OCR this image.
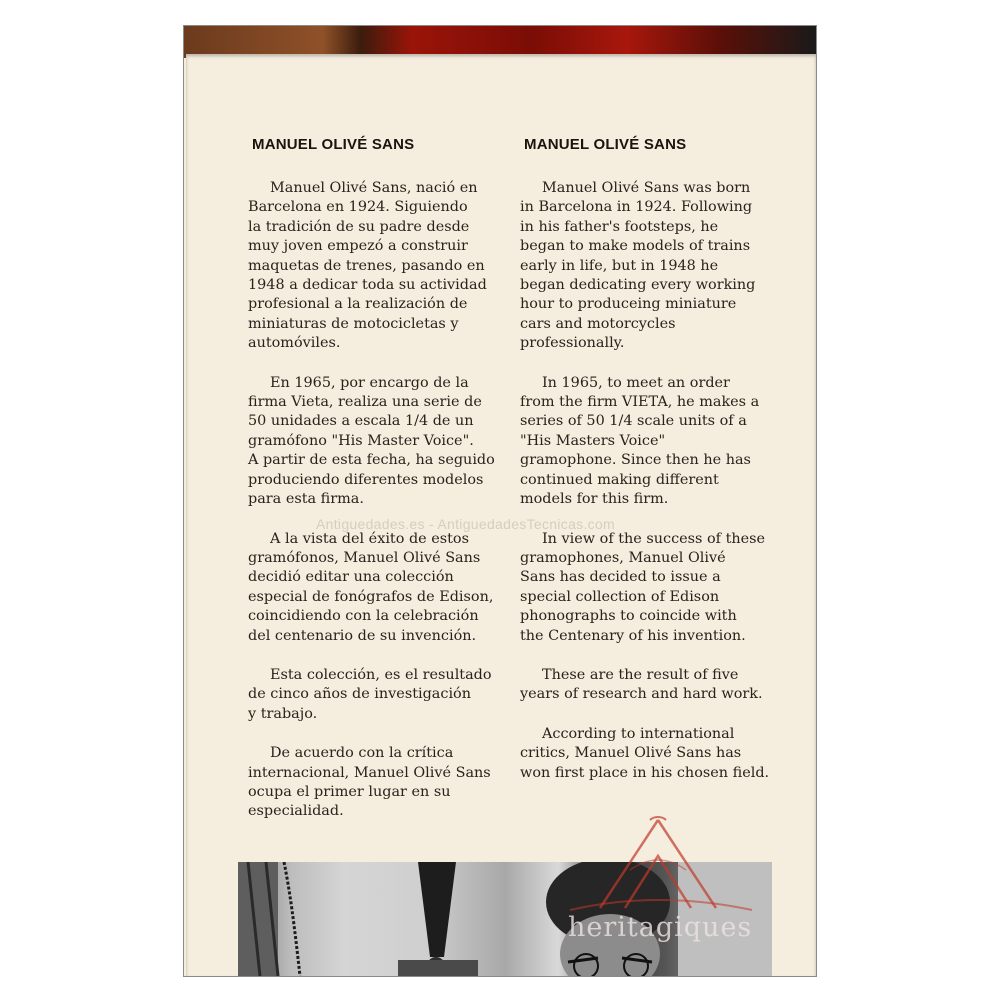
MANUEL OLIVÉ SANS

Manuel Olivé Sans, nació en
Barcelona en 1924. Siguiendo
la tradición de su padre desde
muy joven empezó a construir
maquetas de trenes, pasando en
1948 a dedicar toda su actividad
profesional a la realización de
miniaturas de motocicletas y
automóviles.

En 1965, por encargo de la
firma Vieta, realiza una serie de
50 unidades a escala 1/4 de un
gramófono "His Master Voice".
A partir de esta fecha, ha seguido
produciendo diferentes modelos
para esta firma.

A la vista del éxito de estos
gramófonos, Manuel Olivé Sans
decidió editar una colección
especial de fonógrafos de Edison,
coincidiendo con la celebración
del centenario de su invención.

Esta colección, es el resultado
de cinco años de investigación
y trabajo.

De acuerdo con la crítica
internacional, Manuel Olivé Sans
ocupa el primer lugar en su
especialidad.

MANUEL OLIVÉ SANS

Manuel Olivé Sans was born
in Barcelona in 1924. Following
in his father's footsteps, he
began to make models of trains
early in life, but in 1948 he
began dedicating every working
hour to produceing miniature
cars and motorcycles
professionally.

In 1965, to meet an order
from the firm VIETA, he makes a
series of 50 1/4 scale units of a
"His Masters Voice"
gramophone. Since then he has
continued making different
models for this firm.

In view of the success of these
gramophones, Manuel Olivé
Sans has decided to issue a
special collection of Edison
phonographs to coincide with
the Centenary of his invention.

These are the result of five
years of research and hard work.

According to international
critics, Manuel Olivé Sans has
won first place in his chosen field.

Antiguedades.es - AntiguedadesTecnicas.com
heritagiques
